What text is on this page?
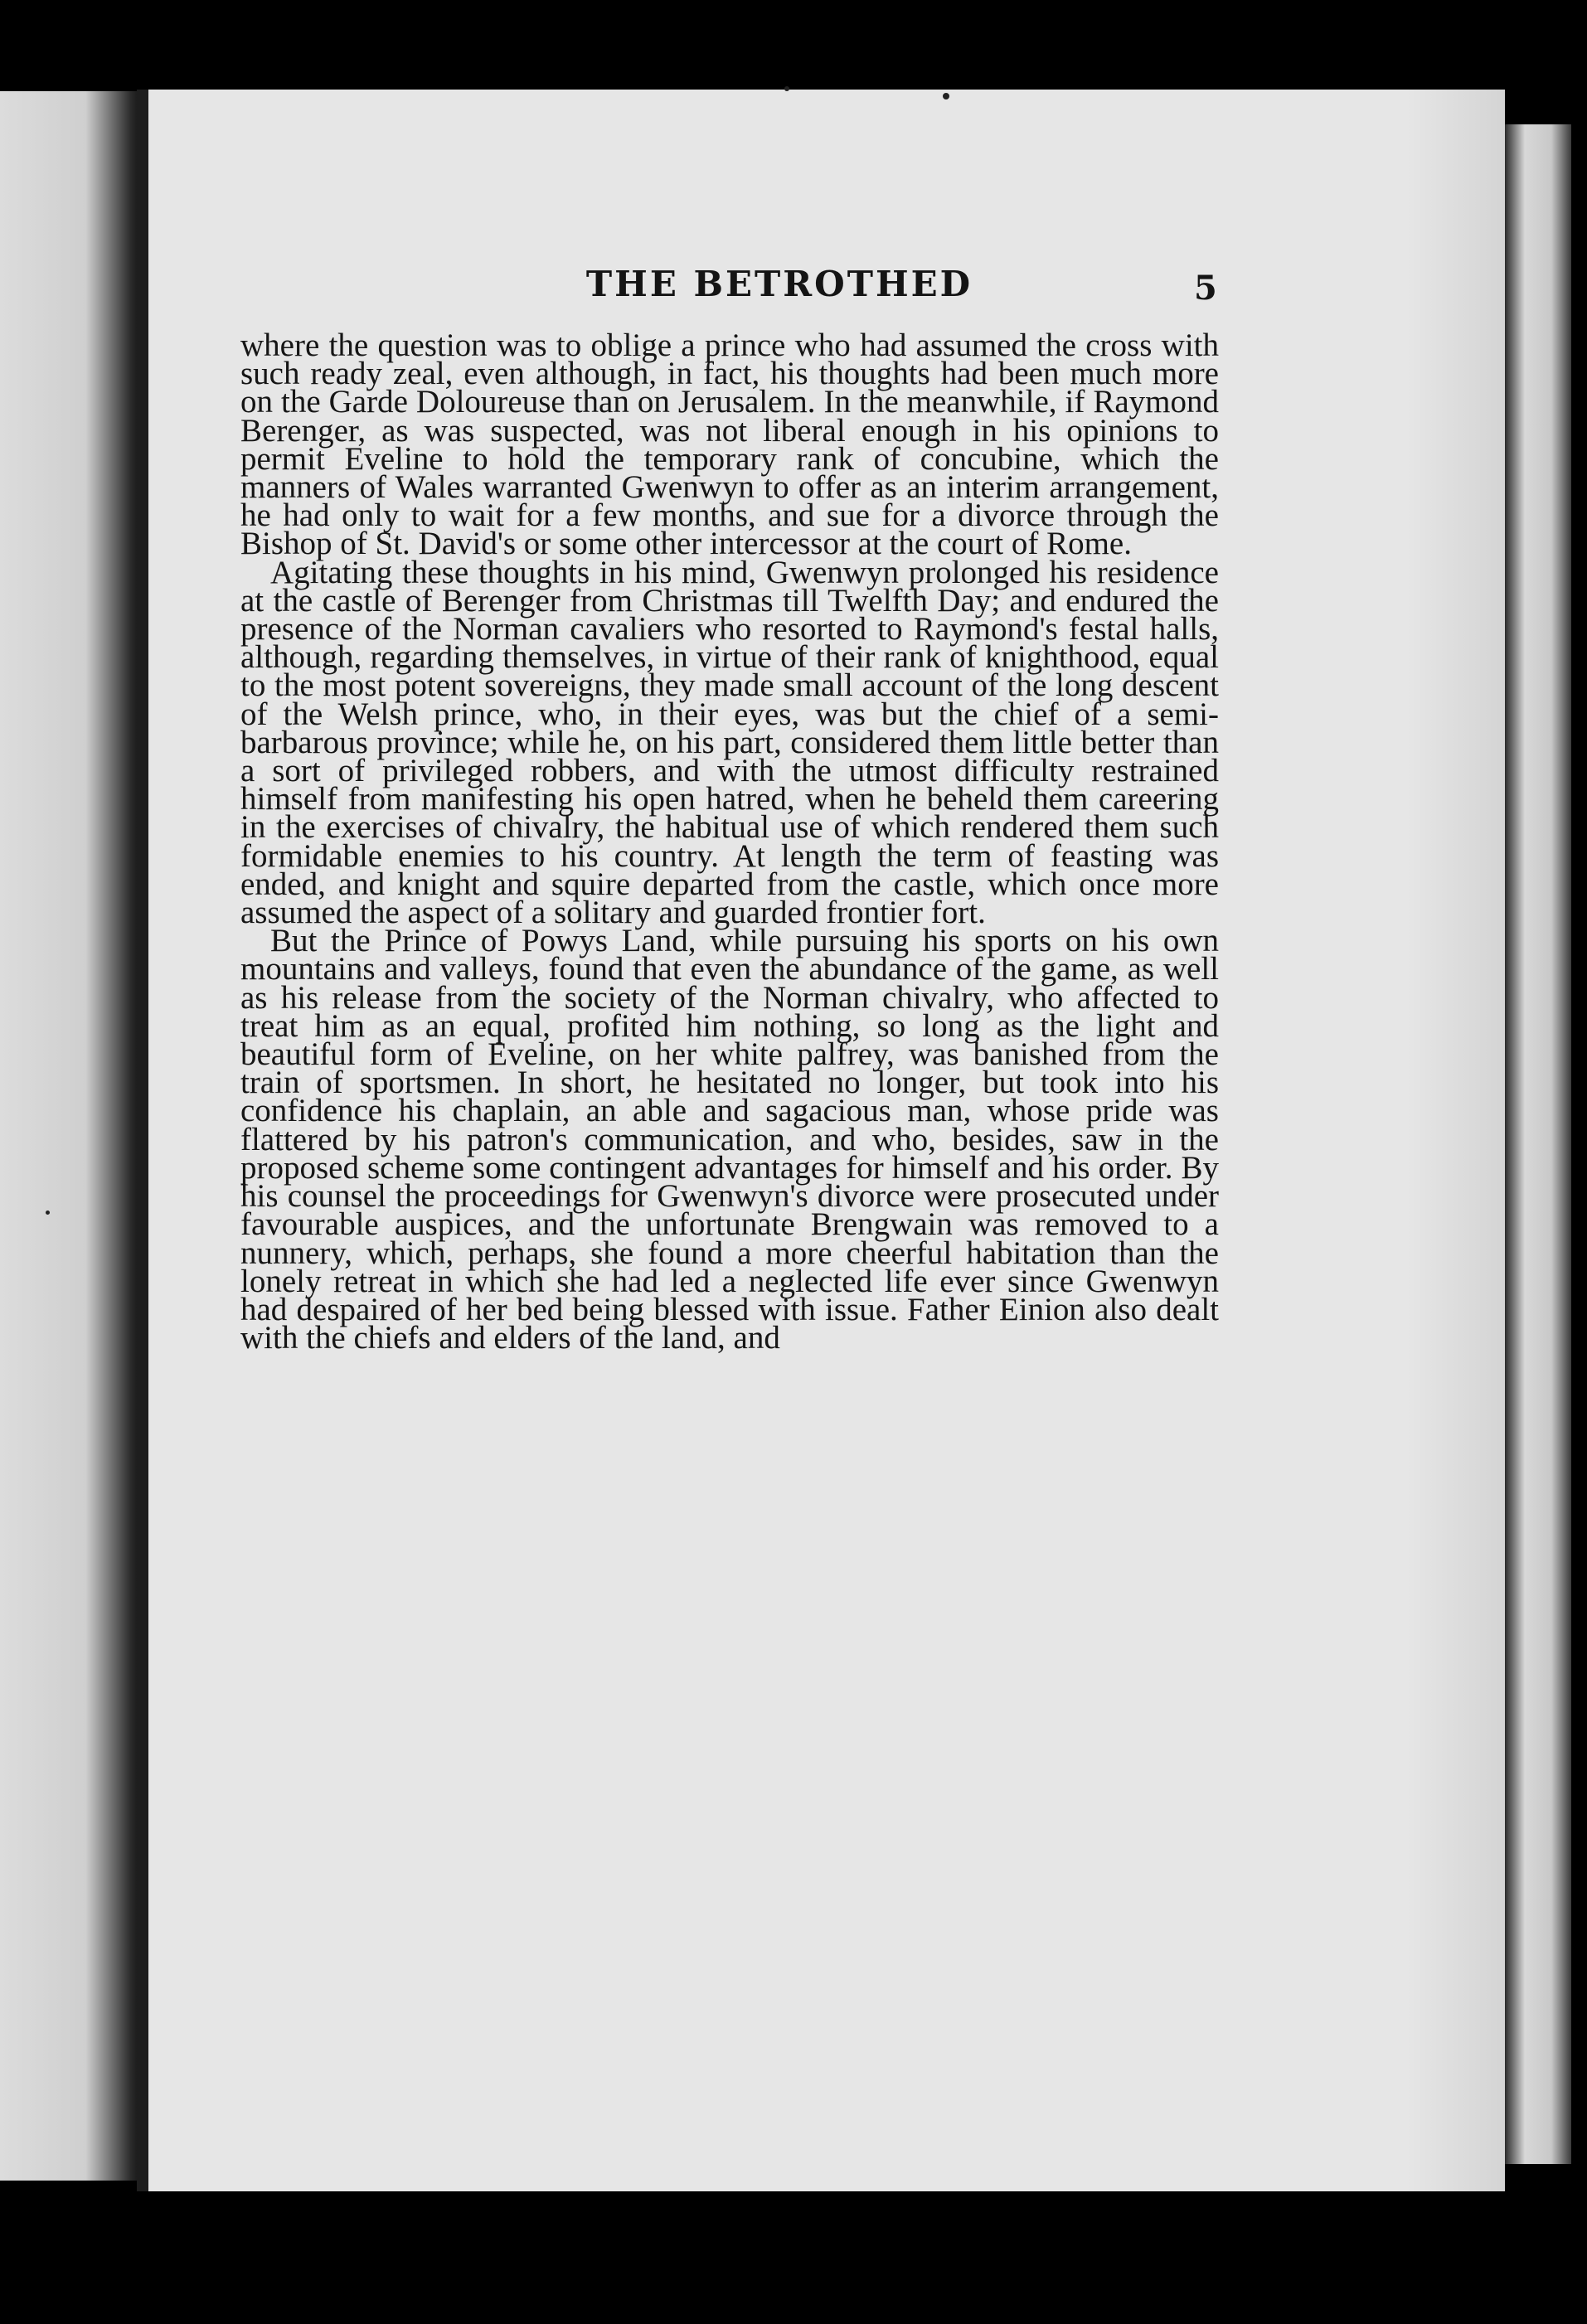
THE BETROTHED	5

where the question was to oblige a prince who had assumed the cross with such ready zeal, even although, in fact, his thoughts had been much more on the Garde Doloureuse than on Jerusalem. In the meanwhile, if Raymond Berenger, as was suspected, was not liberal enough in his opinions to permit Eveline to hold the temporary rank of concubine, which the manners of Wales warranted Gwenwyn to offer as an interim arrangement, he had only to wait for a few months, and sue for a divorce through the Bishop of St. David's or some other intercessor at the court of Rome.

Agitating these thoughts in his mind, Gwenwyn prolonged his residence at the castle of Berenger from Christmas till Twelfth Day; and endured the presence of the Norman cavaliers who resorted to Raymond's festal halls, although, regarding themselves, in virtue of their rank of knighthood, equal to the most potent sovereigns, they made small account of the long descent of the Welsh prince, who, in their eyes, was but the chief of a semi-barbarous province; while he, on his part, considered them little better than a sort of privileged robbers, and with the utmost difficulty restrained himself from manifesting his open hatred, when he beheld them careering in the exercises of chivalry, the habitual use of which rendered them such formidable enemies to his country. At length the term of feasting was ended, and knight and squire departed from the castle, which once more assumed the aspect of a solitary and guarded frontier fort.

But the Prince of Powys Land, while pursuing his sports on his own mountains and valleys, found that even the abundance of the game, as well as his release from the society of the Norman chivalry, who affected to treat him as an equal, profited him nothing, so long as the light and beautiful form of Eveline, on her white palfrey, was banished from the train of sportsmen. In short, he hesitated no longer, but took into his confidence his chaplain, an able and sagacious man, whose pride was flattered by his patron's communication, and who, besides, saw in the proposed scheme some contingent advantages for himself and his order. By his counsel the proceedings for Gwenwyn's divorce were prosecuted under favourable auspices, and the unfortunate Brengwain was removed to a nunnery, which, perhaps, she found a more cheerful habitation than the lonely retreat in which she had led a neglected life ever since Gwenwyn had despaired of her bed being blessed with issue. Father Einion also dealt with the chiefs and elders of the land, and
